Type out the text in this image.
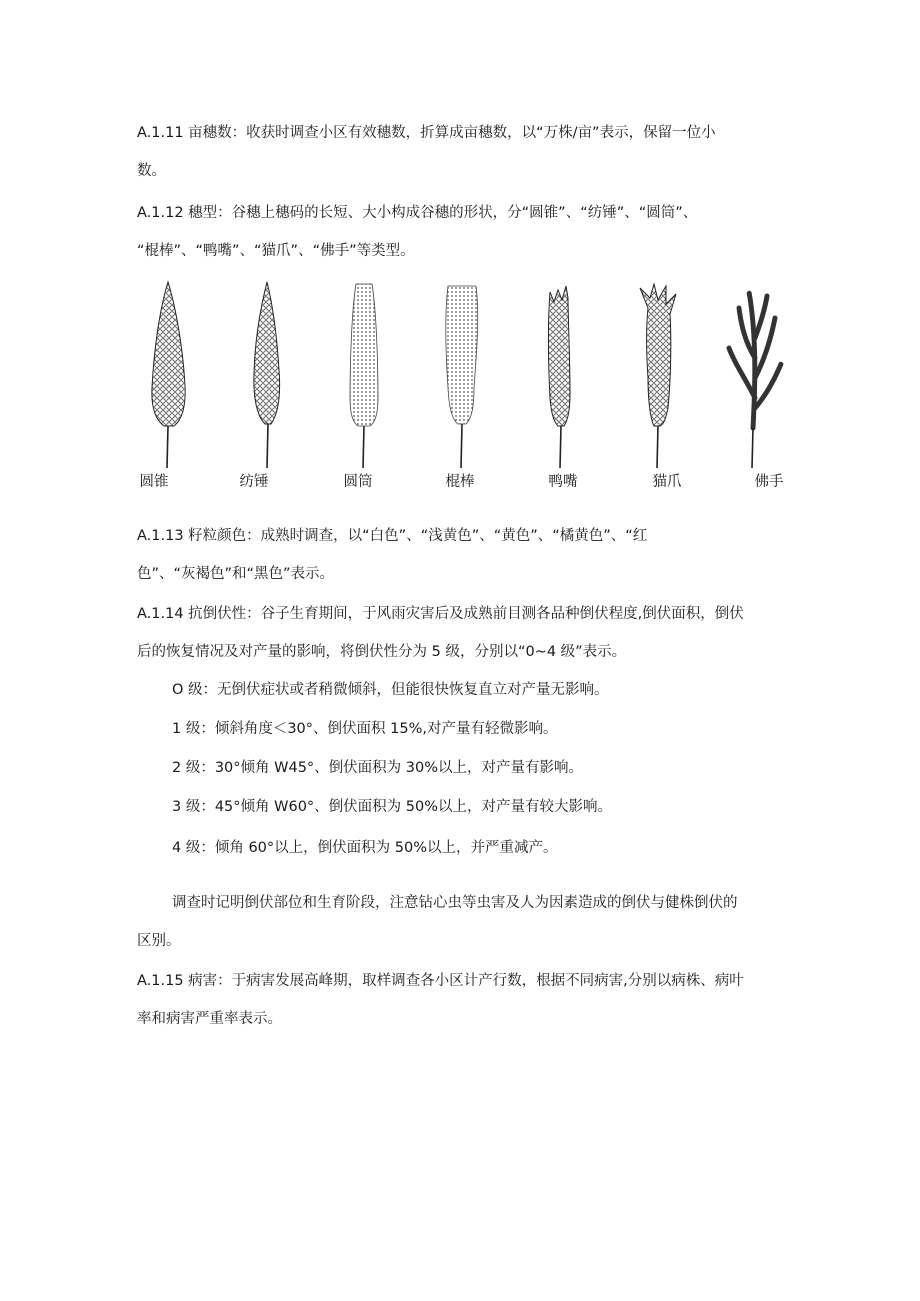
A.1.11 亩穗数：收获时调查小区有效穗数，折算成亩穗数，以“万株/亩”表示，保留一位小
数。

A.1.12 穗型：谷穗上穗码的长短、大小构成谷穗的形状，分“圆锥”、“纺锤”、“圆筒”、
“棍棒”、“鸭嘴”、“猫爪”、“佛手”等类型。

圆锥	纺锤	圆筒	棍棒	鸭嘴	猫爪	佛手

A.1.13 籽粒颜色：成熟时调查，以“白色”、“浅黄色”、“黄色”、“橘黄色”、“红
色”、“灰褐色”和“黑色”表示。

A.1.14 抗倒伏性：谷子生育期间，于风雨灾害后及成熟前目测各品种倒伏程度,倒伏面积，倒伏
后的恢复情况及对产量的影响，将倒伏性分为 5 级，分别以“0~4 级”表示。

O 级：无倒伏症状或者稍微倾斜，但能很快恢复直立对产量无影响。

1 级：倾斜角度＜30°、倒伏面积 15%,对产量有轻微影响。

2 级：30°倾角 W45°、倒伏面积为 30%以上，对产量有影响。

3 级：45°倾角 W60°、倒伏面积为 50%以上，对产量有较大影响。

4 级：倾角 60°以上，倒伏面积为 50%以上，并严重减产。

调查时记明倒伏部位和生育阶段，注意钻心虫等虫害及人为因素造成的倒伏与健株倒伏的
区别。

A.1.15 病害：于病害发展高峰期，取样调查各小区计产行数，根据不同病害,分别以病株、病叶
率和病害严重率表示。
